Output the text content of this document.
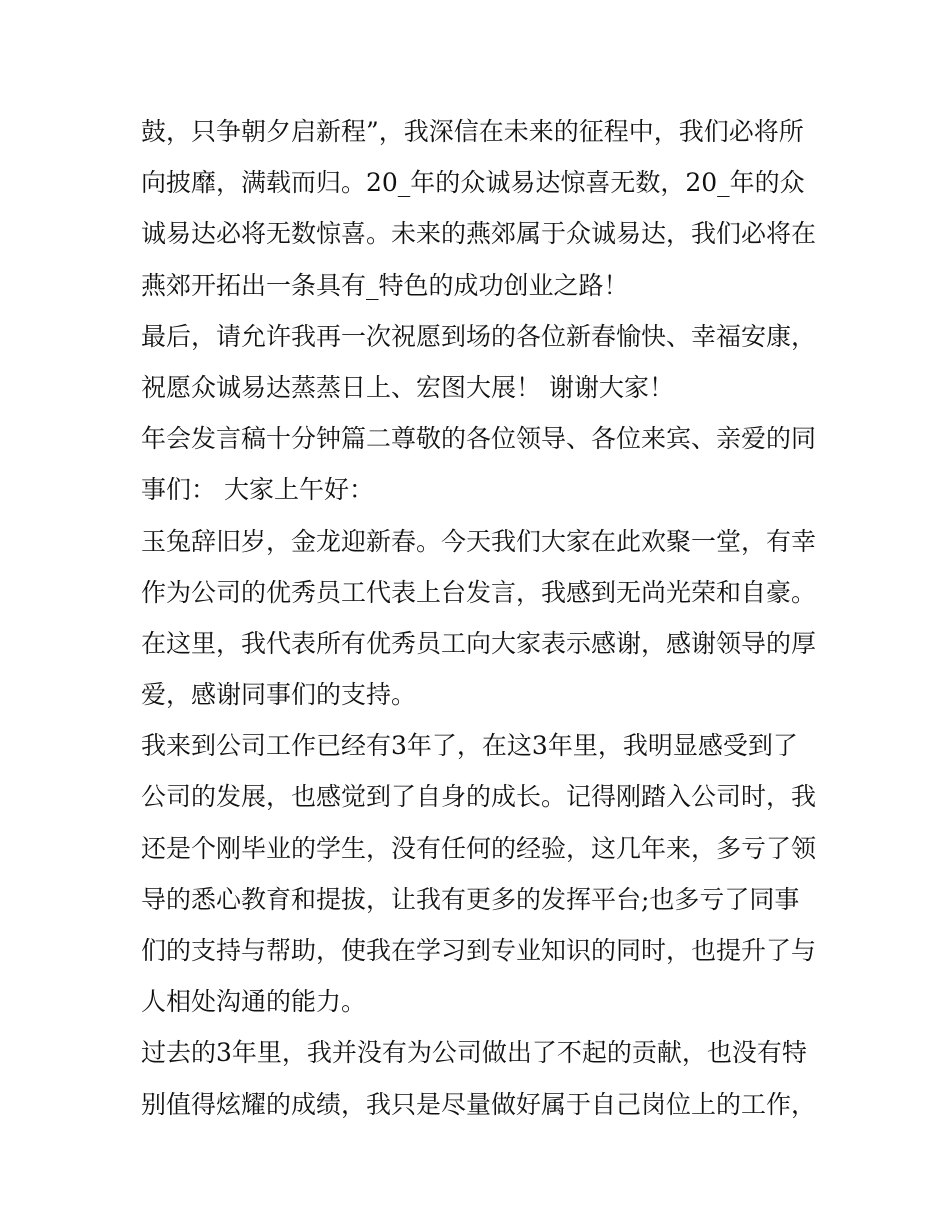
鼓，只争朝夕启新程”，我深信在未来的征程中，我们必将所
向披靡，满载而归。20_年的众诚易达惊喜无数，20_年的众
诚易达必将无数惊喜。未来的燕郊属于众诚易达，我们必将在
燕郊开拓出一条具有_特色的成功创业之路！
最后，请允许我再一次祝愿到场的各位新春愉快、幸福安康，
祝愿众诚易达蒸蒸日上、宏图大展！ 谢谢大家！
年会发言稿十分钟篇二尊敬的各位领导、各位来宾、亲爱的同
事们： 大家上午好：
玉兔辞旧岁，金龙迎新春。今天我们大家在此欢聚一堂，有幸
作为公司的优秀员工代表上台发言，我感到无尚光荣和自豪。
在这里，我代表所有优秀员工向大家表示感谢，感谢领导的厚
爱，感谢同事们的支持。
我来到公司工作已经有3年了，在这3年里，我明显感受到了
公司的发展，也感觉到了自身的成长。记得刚踏入公司时，我
还是个刚毕业的学生，没有任何的经验，这几年来，多亏了领
导的悉心教育和提拔，让我有更多的发挥平台;也多亏了同事
们的支持与帮助，使我在学习到专业知识的同时，也提升了与
人相处沟通的能力。
过去的3年里，我并没有为公司做出了不起的贡献，也没有特
别值得炫耀的成绩，我只是尽量做好属于自己岗位上的工作，
